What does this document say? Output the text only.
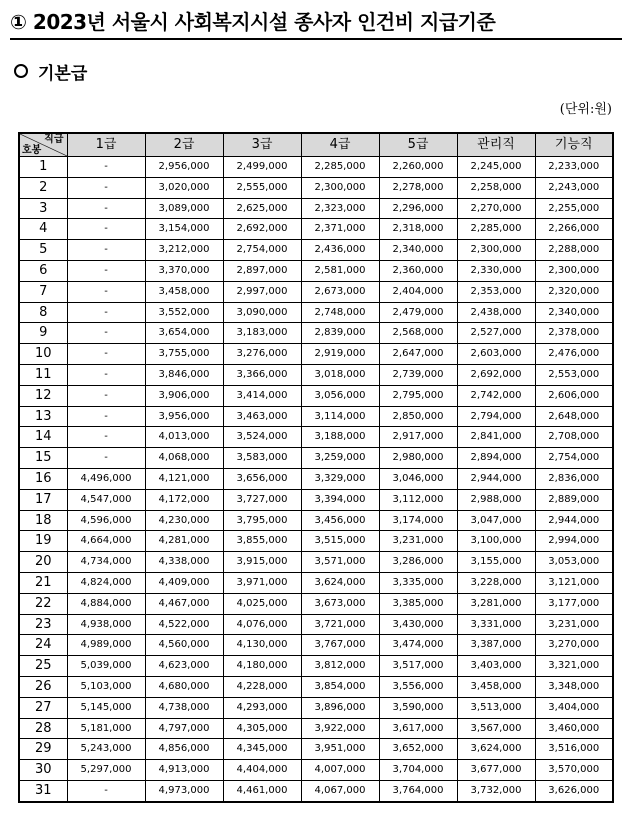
① 2023년 서울시 사회복지시설 종사자 인건비 지급기준
기본급
(단위:원)
직급
호봉	1급	2급	3급	4급	5급	관리직	기능직
1	-	2,956,000	2,499,000	2,285,000	2,260,000	2,245,000	2,233,000
2	-	3,020,000	2,555,000	2,300,000	2,278,000	2,258,000	2,243,000
3	-	3,089,000	2,625,000	2,323,000	2,296,000	2,270,000	2,255,000
4	-	3,154,000	2,692,000	2,371,000	2,318,000	2,285,000	2,266,000
5	-	3,212,000	2,754,000	2,436,000	2,340,000	2,300,000	2,288,000
6	-	3,370,000	2,897,000	2,581,000	2,360,000	2,330,000	2,300,000
7	-	3,458,000	2,997,000	2,673,000	2,404,000	2,353,000	2,320,000
8	-	3,552,000	3,090,000	2,748,000	2,479,000	2,438,000	2,340,000
9	-	3,654,000	3,183,000	2,839,000	2,568,000	2,527,000	2,378,000
10	-	3,755,000	3,276,000	2,919,000	2,647,000	2,603,000	2,476,000
11	-	3,846,000	3,366,000	3,018,000	2,739,000	2,692,000	2,553,000
12	-	3,906,000	3,414,000	3,056,000	2,795,000	2,742,000	2,606,000
13	-	3,956,000	3,463,000	3,114,000	2,850,000	2,794,000	2,648,000
14	-	4,013,000	3,524,000	3,188,000	2,917,000	2,841,000	2,708,000
15	-	4,068,000	3,583,000	3,259,000	2,980,000	2,894,000	2,754,000
16	4,496,000	4,121,000	3,656,000	3,329,000	3,046,000	2,944,000	2,836,000
17	4,547,000	4,172,000	3,727,000	3,394,000	3,112,000	2,988,000	2,889,000
18	4,596,000	4,230,000	3,795,000	3,456,000	3,174,000	3,047,000	2,944,000
19	4,664,000	4,281,000	3,855,000	3,515,000	3,231,000	3,100,000	2,994,000
20	4,734,000	4,338,000	3,915,000	3,571,000	3,286,000	3,155,000	3,053,000
21	4,824,000	4,409,000	3,971,000	3,624,000	3,335,000	3,228,000	3,121,000
22	4,884,000	4,467,000	4,025,000	3,673,000	3,385,000	3,281,000	3,177,000
23	4,938,000	4,522,000	4,076,000	3,721,000	3,430,000	3,331,000	3,231,000
24	4,989,000	4,560,000	4,130,000	3,767,000	3,474,000	3,387,000	3,270,000
25	5,039,000	4,623,000	4,180,000	3,812,000	3,517,000	3,403,000	3,321,000
26	5,103,000	4,680,000	4,228,000	3,854,000	3,556,000	3,458,000	3,348,000
27	5,145,000	4,738,000	4,293,000	3,896,000	3,590,000	3,513,000	3,404,000
28	5,181,000	4,797,000	4,305,000	3,922,000	3,617,000	3,567,000	3,460,000
29	5,243,000	4,856,000	4,345,000	3,951,000	3,652,000	3,624,000	3,516,000
30	5,297,000	4,913,000	4,404,000	4,007,000	3,704,000	3,677,000	3,570,000
31	-	4,973,000	4,461,000	4,067,000	3,764,000	3,732,000	3,626,000
